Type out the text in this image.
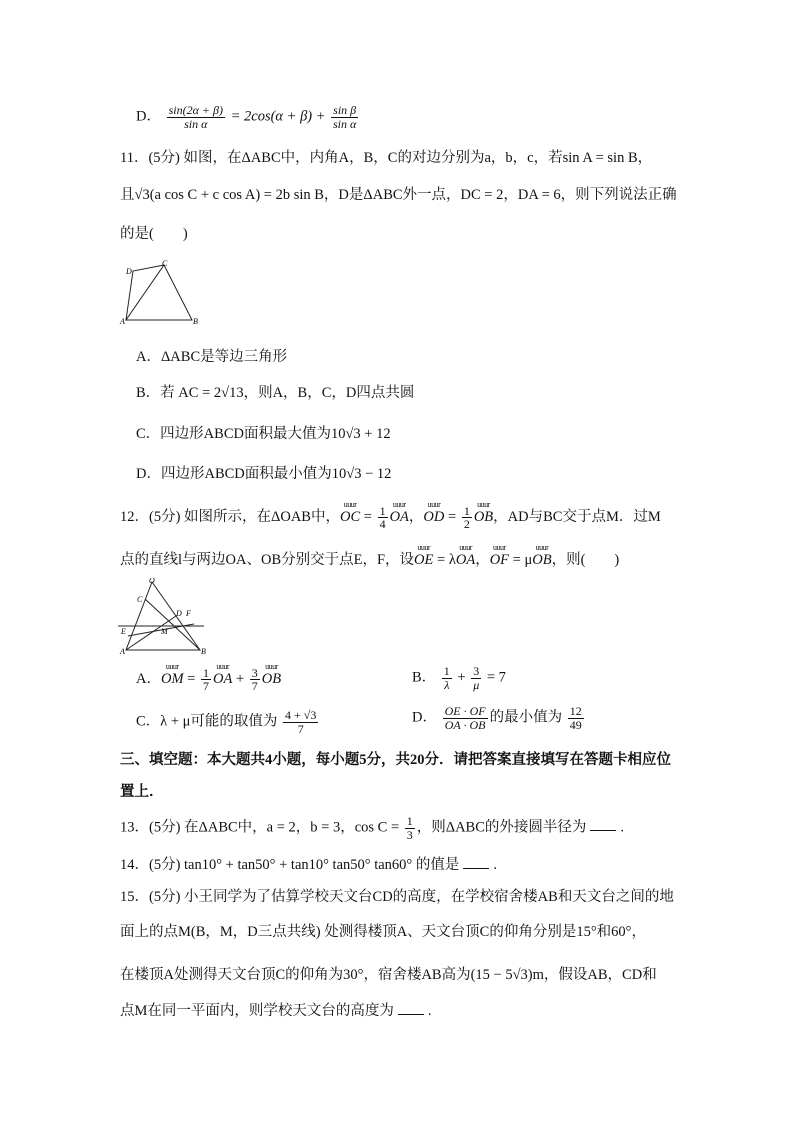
D． $\frac{\sin(2\alpha + \beta)}{\text{sin α}} = 2\cos(\alpha + \beta) + \frac{\text{sin β}}{\text{sin α}}$
11．(5分) 如图，在ΔABC中，内角A，B，C的对边分别为a，b，c，若sin A = sin B，
且√3(a cos C + c cos A) = 2b sin B，D是ΔABC外一点，DC = 2，DA = 6，则下列说法正确
的是(　　)
A	B
C
D
A．ΔABC是等边三角形
B．若 AC = 2√13，则A，B，C，D四点共圆
C．四边形ABCD面积最大值为10√3 + 12
D．四边形ABCD面积最小值为10√3 − 12
12．(5分) 如图所示，在ΔOAB中，uuur OC = $\frac{1}{4}$ uuur OA，uuur OD = $\frac{1}{2}$ uuur OB，AD与BC交于点M．过M
点的直线l与两边OA、OB分别交于点E，F，设uuur OE = λuuur OA，uuur OF = μuuur OB，则(　　)
O
C
D F
E	M
A	B
A．uuur OM = $\frac{1}{7}$ uuur OA + $\frac{3}{7}$ uuur OB	B． $\frac{1}{\lambda} + \frac{3}{\mu} = 7$
C．λ + μ可能的取值为 $\frac{4 + √3}{7}$	D． $\frac{OE \cdot OF}{OA \cdot OB}$ 的最小值为 $\frac{12}{49}$
三、填空题：本大题共4小题，每小题5分，共20分．请把答案直接填写在答题卡相应位
置上．
13．(5分) 在ΔABC中，a = 2，b = 3，$\cos C = \frac{1}{3}$ ，则ΔABC的外接圆半径为 .
14．(5分) tan10° + tan50° + tan10° tan50° tan60° 的值是 .
15．(5分) 小王同学为了估算学校天文台CD的高度，在学校宿舍楼AB和天文台之间的地
面上的点M(B，M，D三点共线) 处测得楼顶A、天文台顶C的仰角分别是15°和60°，
在楼顶A处测得天文台顶C的仰角为30°，宿舍楼AB高为(15 − 5√3)m，假设AB，CD和
点M在同一平面内，则学校天文台的高度为 .
